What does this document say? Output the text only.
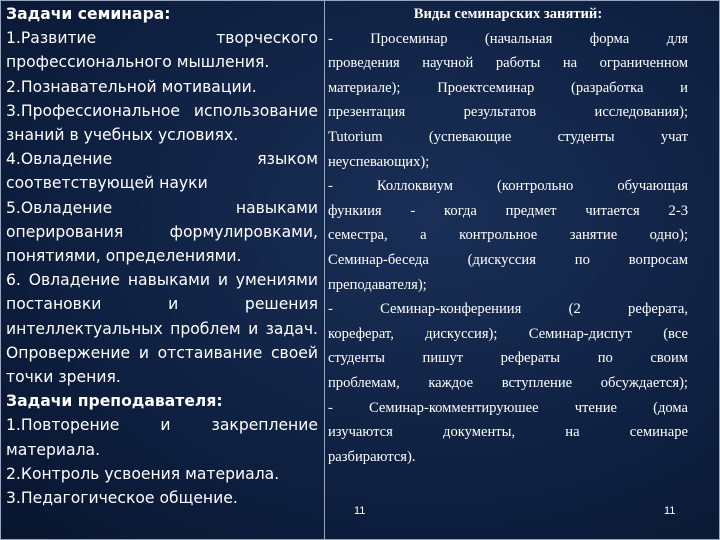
Задачи семинара:
1.Развитие творческого
профессионального мышления.
2.Познавательной мотивации.
3.Профессиональное использование
знаний в учебных условиях.
4.Овладение языком
соответствующей науки
5.Овладение навыками
оперирования формулировками,
понятиями, определениями.
6. Овладение навыками и умениями
постановки и решения
интеллектуальных проблем и задач.
Опровержение и отстаивание своей
точки зрения.
Задачи преподавателя:
1.Повторение и закрепление
материала.
2.Контроль усвоения материала.
3.Педагогическое общение.
Виды семинарских занятий:
- Просеминар (начальная форма для
проведения научной работы на ограниченном
материале); Проектсеминар (разработка и
презентация результатов исследования);
Tutorium (успевающие студенты учат
неуспевающих);
- Коллоквиум (контрольно обучающая
функиия - когда предмет читается 2-3
семестра, а контрольное занятие одно);
Семинар-беседа (дискуссия по вопросам
преподавателя);
- Семинар-конферениия (2 реферата,
кореферат, дискуссия); Семинар-диспут (все
студенты пишут рефераты по своим
проблемам, каждое вступление обсуждается);
- Семинар-комментируюшее чтение (дома
изучаются документы, на семинаре
разбираются).
11	11
